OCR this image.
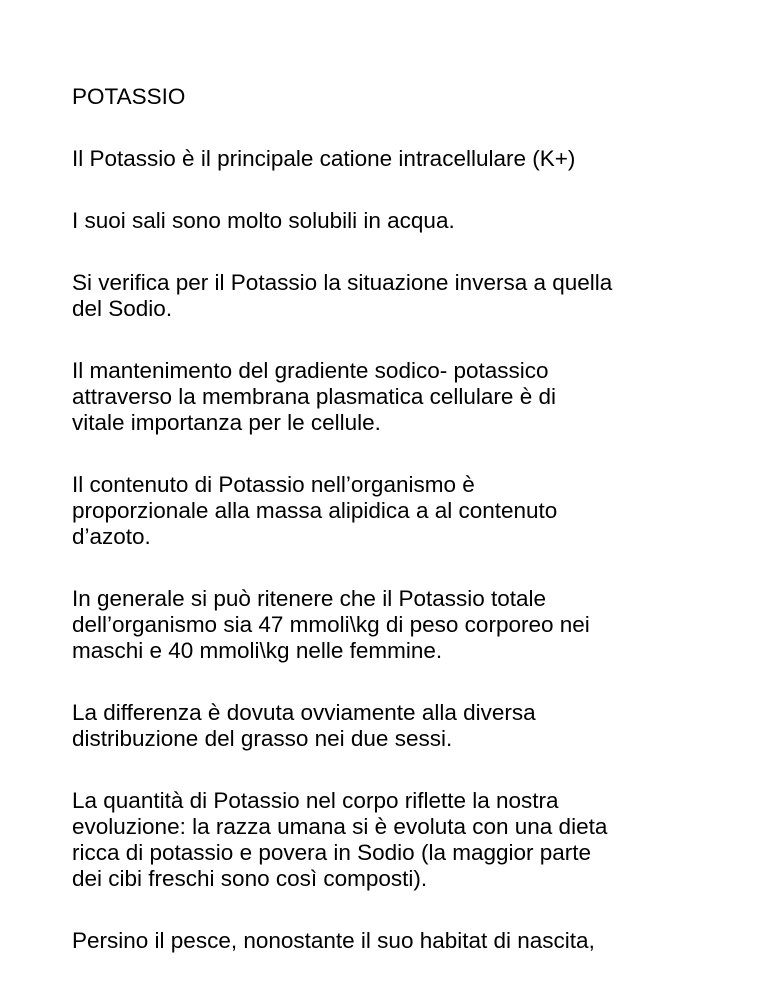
POTASSIO

Il Potassio è il principale catione intracellulare (K+)

I suoi sali sono molto solubili in acqua.

Si verifica per il Potassio la situazione inversa a quella
del Sodio.

Il mantenimento del gradiente sodico- potassico
attraverso la membrana plasmatica cellulare è di
vitale importanza per le cellule.

Il contenuto di Potassio nell’organismo è
proporzionale alla massa alipidica a al contenuto
d’azoto.

In generale si può ritenere che il Potassio totale
dell’organismo sia 47 mmoli\kg di peso corporeo nei
maschi e 40 mmoli\kg nelle femmine.

La differenza è dovuta ovviamente alla diversa
distribuzione del grasso nei due sessi.

La quantità di Potassio nel corpo riflette la nostra
evoluzione: la razza umana si è evoluta con una dieta
ricca di potassio e povera in Sodio (la maggior parte
dei cibi freschi sono così composti).

Persino il pesce, nonostante il suo habitat di nascita,
